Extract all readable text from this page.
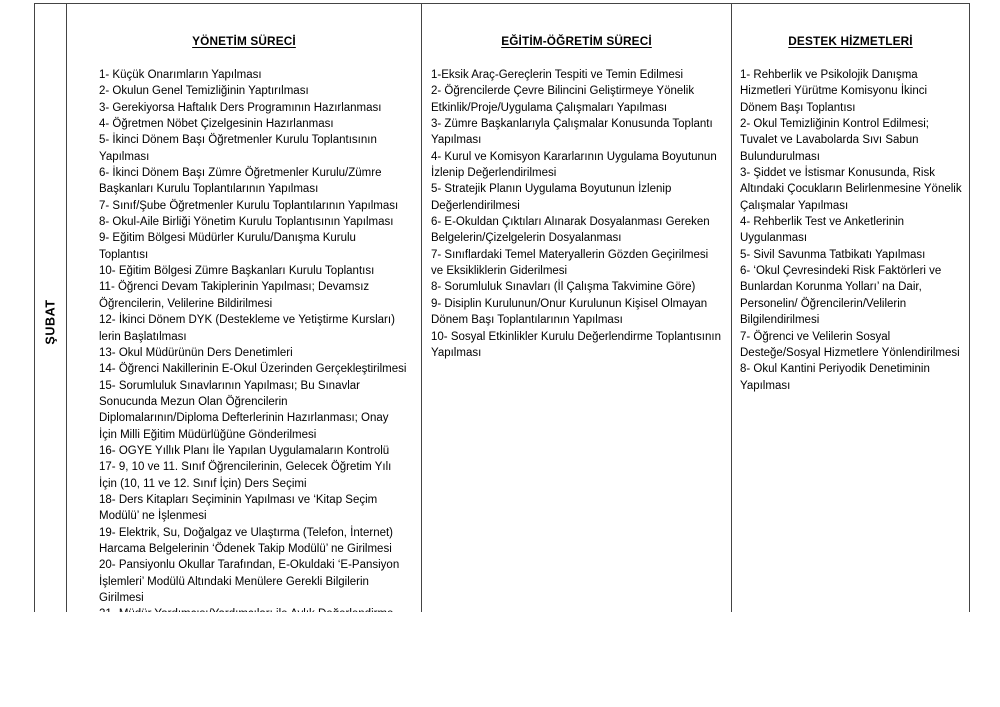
ŞUBAT

YÖNETİM SÜRECİ
1- Küçük Onarımların Yapılması
2- Okulun Genel Temizliğinin Yaptırılması
3- Gerekiyorsa Haftalık Ders Programının Hazırlanması
4- Öğretmen Nöbet Çizelgesinin Hazırlanması
5- İkinci Dönem Başı Öğretmenler Kurulu Toplantısının Yapılması
6- İkinci Dönem Başı Zümre Öğretmenler Kurulu/Zümre Başkanları Kurulu Toplantılarının Yapılması
7- Sınıf/Şube Öğretmenler Kurulu Toplantılarının Yapılması
8- Okul-Aile Birliği Yönetim Kurulu Toplantısının Yapılması
9- Eğitim Bölgesi Müdürler Kurulu/Danışma Kurulu Toplantısı
10- Eğitim Bölgesi Zümre Başkanları Kurulu Toplantısı
11- Öğrenci Devam Takiplerinin Yapılması; Devamsız Öğrencilerin, Velilerine Bildirilmesi
12- İkinci Dönem DYK (Destekleme ve Yetiştirme Kursları) lerin Başlatılması
13- Okul Müdürünün Ders Denetimleri
14- Öğrenci Nakillerinin E-Okul Üzerinden Gerçekleştirilmesi
15- Sorumluluk Sınavlarının Yapılması; Bu Sınavlar Sonucunda Mezun Olan Öğrencilerin Diplomalarının/Diploma Defterlerinin Hazırlanması; Onay İçin Milli Eğitim Müdürlüğüne Gönderilmesi
16- OGYE Yıllık Planı İle Yapılan Uygulamaların Kontrolü
17- 9, 10 ve 11. Sınıf Öğrencilerinin, Gelecek Öğretim Yılı İçin (10, 11 ve 12. Sınıf İçin) Ders Seçimi
18- Ders Kitapları Seçiminin Yapılması ve ‘Kitap Seçim Modülü’ ne İşlenmesi
19- Elektrik, Su, Doğalgaz ve Ulaştırma (Telefon, İnternet) Harcama Belgelerinin ‘Ödenek Takip Modülü’ ne Girilmesi
20- Pansiyonlu Okullar Tarafından, E-Okuldaki ‘E-Pansiyon İşlemleri’ Modülü Altındaki Menülere Gerekli Bilgilerin Girilmesi

EĞİTİM-ÖĞRETİM SÜRECİ
1-Eksik Araç-Gereçlerin Tespiti ve Temin Edilmesi
2- Öğrencilerde Çevre Bilincini Geliştirmeye Yönelik Etkinlik/Proje/Uygulama Çalışmaları Yapılması
3- Zümre Başkanlarıyla Çalışmalar Konusunda Toplantı  Yapılması
4- Kurul ve Komisyon Kararlarının Uygulama Boyutunun İzlenip Değerlendirilmesi
5- Stratejik Planın Uygulama Boyutunun İzlenip Değerlendirilmesi
6- E-Okuldan Çıktıları Alınarak Dosyalanması Gereken Belgelerin/Çizelgelerin Dosyalanması
7- Sınıflardaki Temel Materyallerin Gözden Geçirilmesi ve Eksikliklerin Giderilmesi
8- Sorumluluk Sınavları (İl Çalışma Takvimine Göre)
9- Disiplin Kurulunun/Onur Kurulunun Kişisel Olmayan Dönem Başı Toplantılarının Yapılması
10- Sosyal Etkinlikler Kurulu Değerlendirme Toplantısının Yapılması

DESTEK HİZMETLERİ
1- Rehberlik ve Psikolojik Danışma Hizmetleri Yürütme Komisyonu İkinci Dönem Başı Toplantısı
2- Okul Temizliğinin Kontrol Edilmesi; Tuvalet ve Lavabolarda Sıvı Sabun Bulundurulması
3- Şiddet ve İstismar Konusunda, Risk Altındaki Çocukların Belirlenmesine Yönelik Çalışmalar Yapılması
4- Rehberlik Test ve Anketlerinin Uygulanması
5- Sivil Savunma Tatbikatı Yapılması
6- ‘Okul Çevresindeki Risk Faktörleri ve Bunlardan Korunma Yolları’ na Dair, Personelin/ Öğrencilerin/Velilerin Bilgilendirilmesi
7- Öğrenci ve Velilerin Sosyal Desteğe/Sosyal Hizmetlere Yönlendirilmesi
8- Okul Kantini Periyodik Denetiminin Yapılması
